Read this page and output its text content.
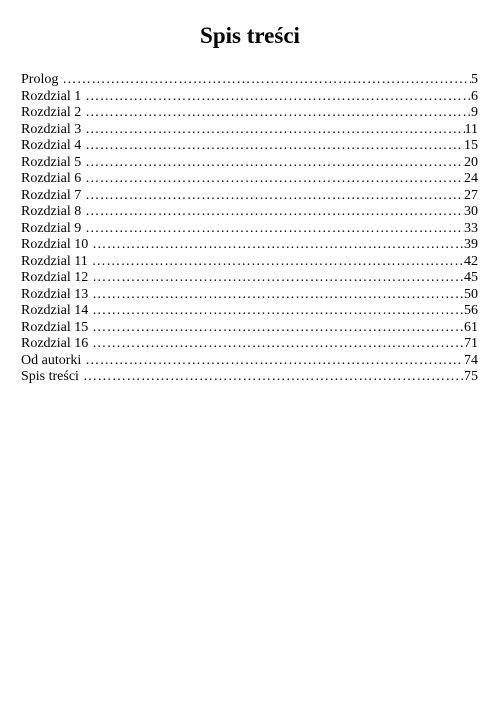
Spis treści
Prolog ……………………………………………………………………………………………………………………………………………………………………	5
Rozdzial 1 ……………………………………………………………………………………………………………………………………………………………………	6
Rozdzial 2 ……………………………………………………………………………………………………………………………………………………………………	9
Rozdzial 3 ……………………………………………………………………………………………………………………………………………………………………	11
Rozdzial 4 ……………………………………………………………………………………………………………………………………………………………………	15
Rozdzial 5 ……………………………………………………………………………………………………………………………………………………………………	20
Rozdzial 6 ……………………………………………………………………………………………………………………………………………………………………	24
Rozdzial 7 ……………………………………………………………………………………………………………………………………………………………………	27
Rozdzial 8 ……………………………………………………………………………………………………………………………………………………………………	30
Rozdzial 9 ……………………………………………………………………………………………………………………………………………………………………	33
Rozdzial 10 ……………………………………………………………………………………………………………………………………………………………………	39
Rozdzial 11 ……………………………………………………………………………………………………………………………………………………………………	42
Rozdzial 12 ……………………………………………………………………………………………………………………………………………………………………	45
Rozdzial 13 ……………………………………………………………………………………………………………………………………………………………………	50
Rozdzial 14 ……………………………………………………………………………………………………………………………………………………………………	56
Rozdzial 15 ……………………………………………………………………………………………………………………………………………………………………	61
Rozdzial 16 ……………………………………………………………………………………………………………………………………………………………………	71
Od autorki ……………………………………………………………………………………………………………………………………………………………………	74
Spis treści ……………………………………………………………………………………………………………………………………………………………………	75
